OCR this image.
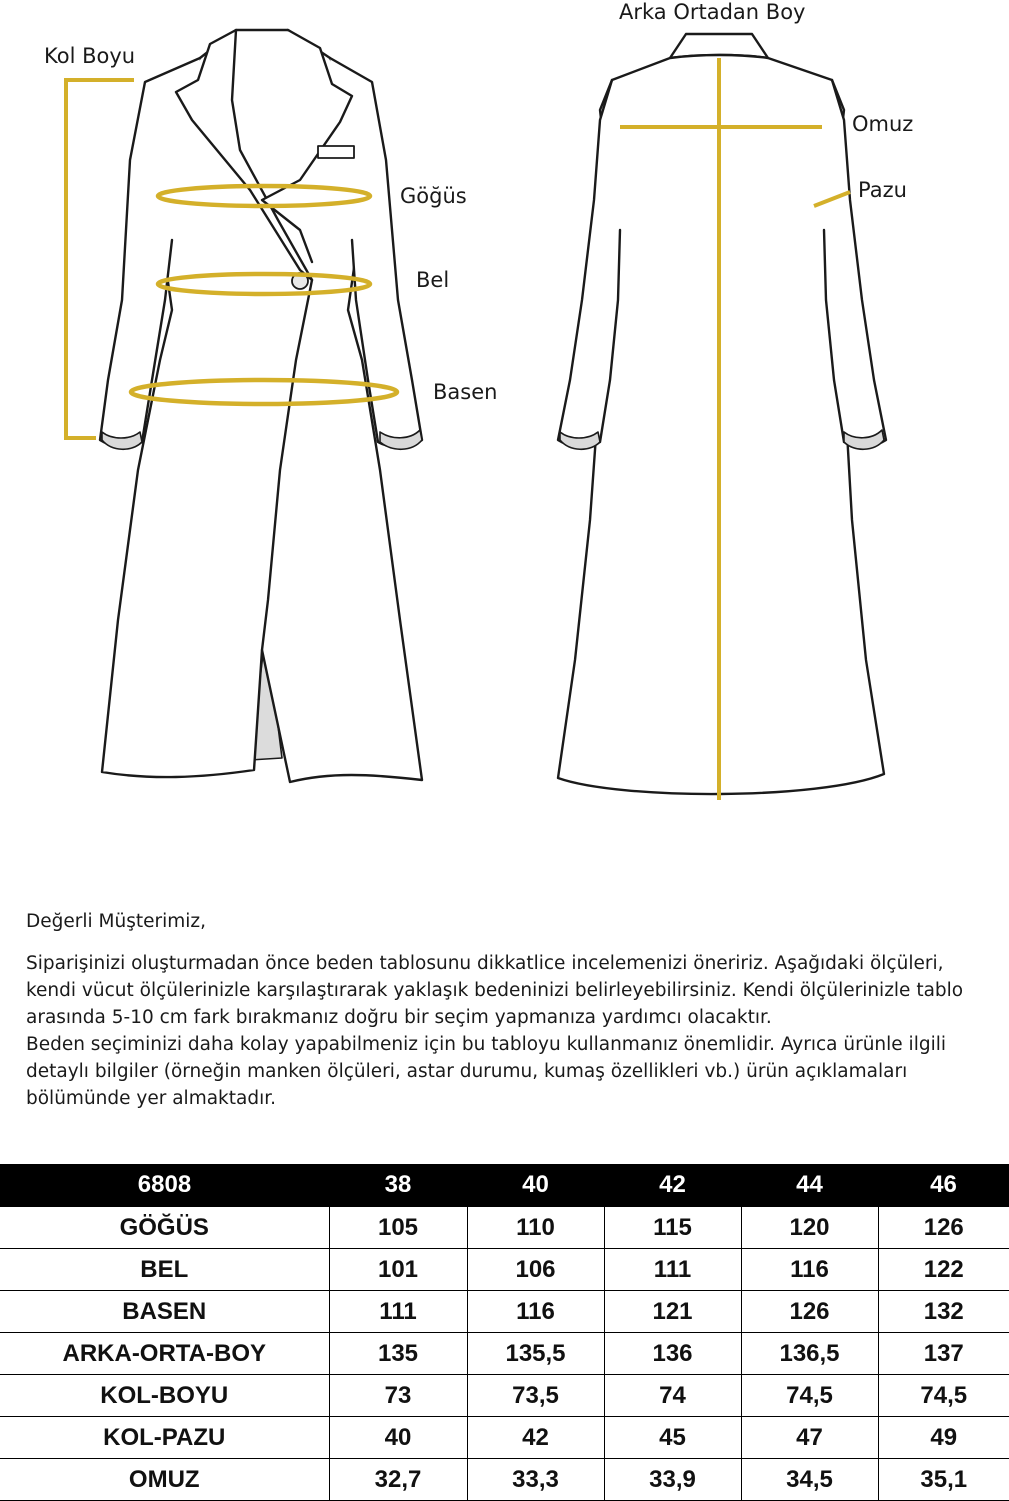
Kol Boyu
Göğüs
Bel
Basen
Arka Ortadan Boy
Omuz
Pazu

Değerli Müşterimiz,

Siparişinizi oluşturmadan önce beden tablosunu dikkatlice incelemenizi öneririz. Aşağıdaki ölçüleri, kendi vücut ölçülerinizle karşılaştırarak yaklaşık bedeninizi belirleyebilirsiniz. Kendi ölçülerinizle tablo arasında 5-10 cm fark bırakmanız doğru bir seçim yapmanıza yardımcı olacaktır.

Beden seçiminizi daha kolay yapabilmeniz için bu tabloyu kullanmanız önemlidir. Ayrıca ürünle ilgili detaylı bilgiler (örneğin manken ölçüleri, astar durumu, kumaş özellikleri vb.) ürün açıklamaları bölümünde yer almaktadır.

6808	38	40	42	44	46
GÖĞÜS	105	110	115	120	126
BEL	101	106	111	116	122
BASEN	111	116	121	126	132
ARKA-ORTA-BOY	135	135,5	136	136,5	137
KOL-BOYU	73	73,5	74	74,5	74,5
KOL-PAZU	40	42	45	47	49
OMUZ	32,7	33,3	33,9	34,5	35,1
